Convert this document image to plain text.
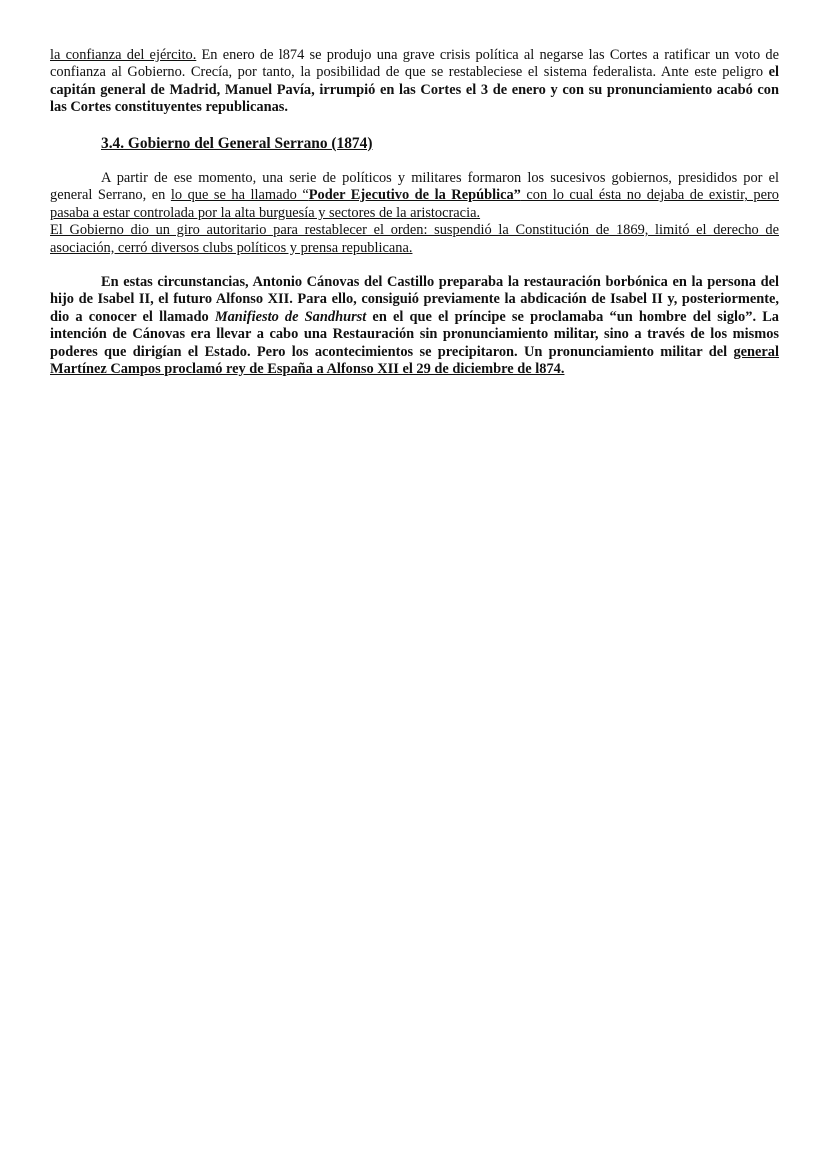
la confianza del ejército. En enero de l874 se produjo una grave crisis política al negarse las Cortes a ratificar un voto de confianza al Gobierno. Crecía, por tanto, la posibilidad de que se restableciese el sistema federalista. Ante este peligro el capitán general de Madrid, Manuel Pavía, irrumpió en las Cortes el 3 de enero y con su pronunciamiento acabó con las Cortes constituyentes republicanas.

3.4. Gobierno del General Serrano (1874)

A partir de ese momento, una serie de políticos y militares formaron los sucesivos gobiernos, presididos por el general Serrano, en lo que se ha llamado “Poder Ejecutivo de la República” con lo cual ésta no dejaba de existir, pero pasaba a estar controlada por la alta burguesía y sectores de la aristocracia.

El Gobierno dio un giro autoritario para restablecer el orden: suspendió la Constitución de 1869, limitó el derecho de asociación, cerró diversos clubs políticos y prensa republicana.

En estas circunstancias, Antonio Cánovas del Castillo preparaba la restauración borbónica en la persona del hijo de Isabel II, el futuro Alfonso XII. Para ello, consiguió previamente la abdicación de Isabel II y, posteriormente, dio a conocer el llamado Manifiesto de Sandhurst en el que el príncipe se proclamaba “un hombre del siglo”. La intención de Cánovas era llevar a cabo una Restauración sin pronunciamiento militar, sino a través de los mismos poderes que dirigían el Estado. Pero los acontecimientos se precipitaron. Un pronunciamiento militar del general Martínez Campos proclamó rey de España a Alfonso XII el 29 de diciembre de l874.
